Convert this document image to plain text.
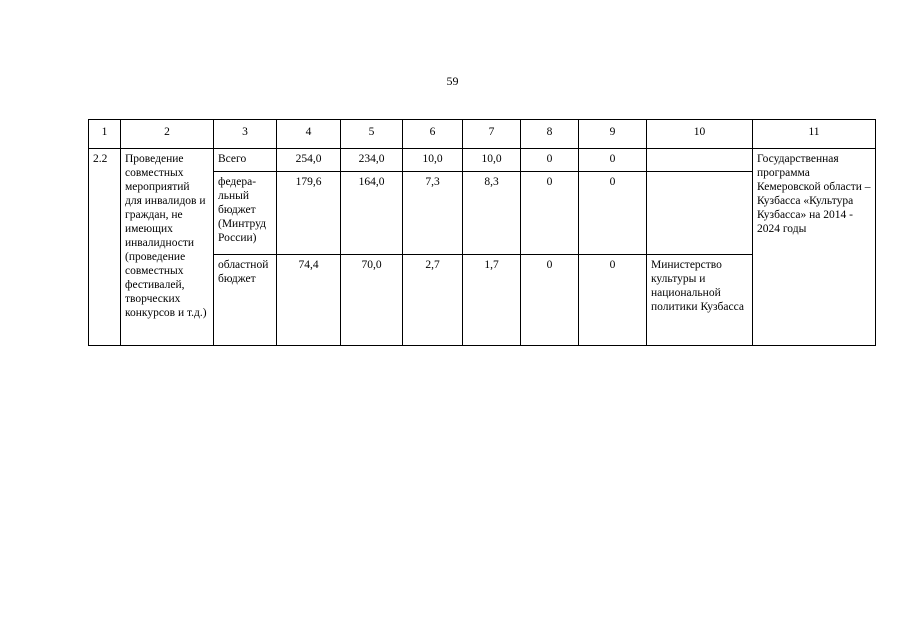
59
1	2	3	4	5	6	7	8	9	10	11
2.2	Проведение совместных мероприятий для инвалидов и граждан, не имеющих инвалидности (проведение совместных фестивалей, творческих конкурсов и т.д.)	Всего	254,0	234,0	10,0	10,0	0	0		Государственная программа Кемеровской области – Кузбасса «Культура Кузбасса» на 2014 - 2024 годы
		федера-льный бюджет (Минтруд России)	179,6	164,0	7,3	8,3	0	0		
		областной бюджет	74,4	70,0	2,7	1,7	0	0	Министерство культуры и национальной политики Кузбасса	
